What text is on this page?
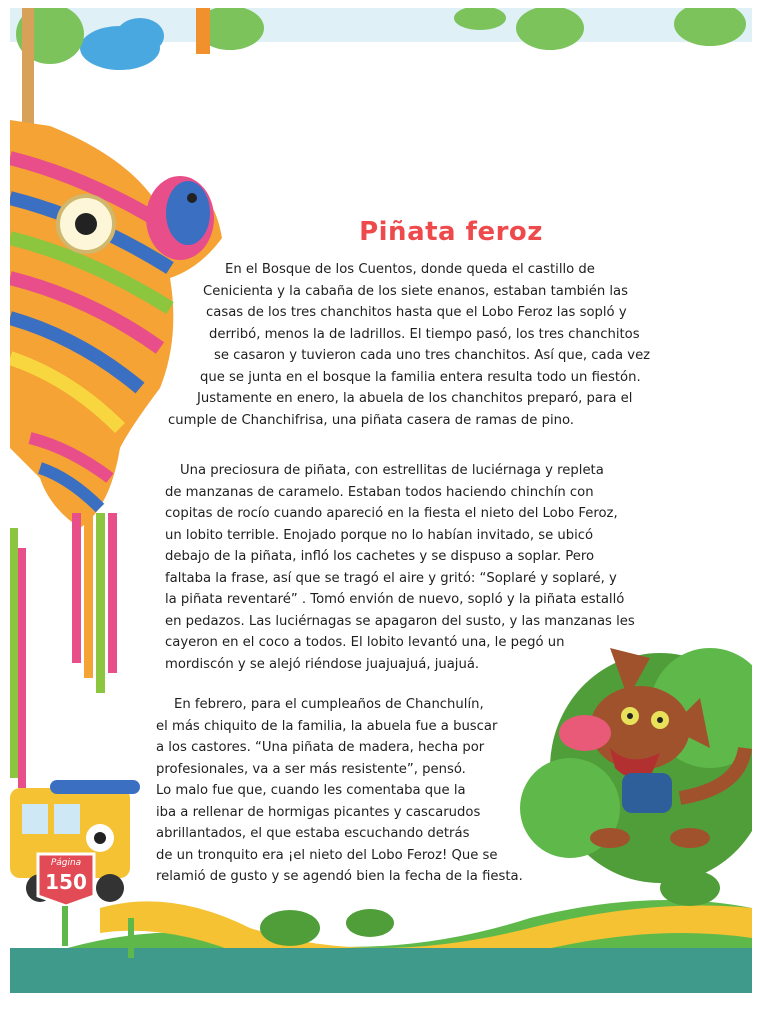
Piñata feroz
En el Bosque de los Cuentos, donde queda el castillo de
Cenicienta y la cabaña de los siete enanos, estaban también las
casas de los tres chanchitos hasta que el Lobo Feroz las sopló y
derribó, menos la de ladrillos. El tiempo pasó, los tres chanchitos
se casaron y tuvieron cada uno tres chanchitos. Así que, cada vez
que se junta en el bosque la familia entera resulta todo un fiestón.
Justamente en enero, la abuela de los chanchitos preparó, para el
cumple de Chanchifrisa, una piñata casera de ramas de pino.
Una preciosura de piñata, con estrellitas de luciérnaga y repleta
de manzanas de caramelo. Estaban todos haciendo chinchín con
copitas de rocío cuando apareció en la fiesta el nieto del Lobo Feroz,
un lobito terrible. Enojado porque no lo habían invitado, se ubicó
debajo de la piñata, infló los cachetes y se dispuso a soplar. Pero
faltaba la frase, así que se tragó el aire y gritó: “Soplaré y soplaré, y
la piñata reventaré” . Tomó envión de nuevo, sopló y la piñata estalló
en pedazos. Las luciérnagas se apagaron del susto, y las manzanas les
cayeron en el coco a todos. El lobito levantó una, le pegó un
mordiscón y se alejó riéndose juajuajuá, juajuá.
En febrero, para el cumpleaños de Chanchulín,
el más chiquito de la familia, la abuela fue a buscar
a los castores. “Una piñata de madera, hecha por
profesionales, va a ser más resistente”, pensó.
Lo malo fue que, cuando les comentaba que la
iba a rellenar de hormigas picantes y cascarudos
abrillantados, el que estaba escuchando detrás
de un tronquito era ¡el nieto del Lobo Feroz! Que se
relamió de gusto y se agendó bien la fecha de la fiesta.
Página
150
